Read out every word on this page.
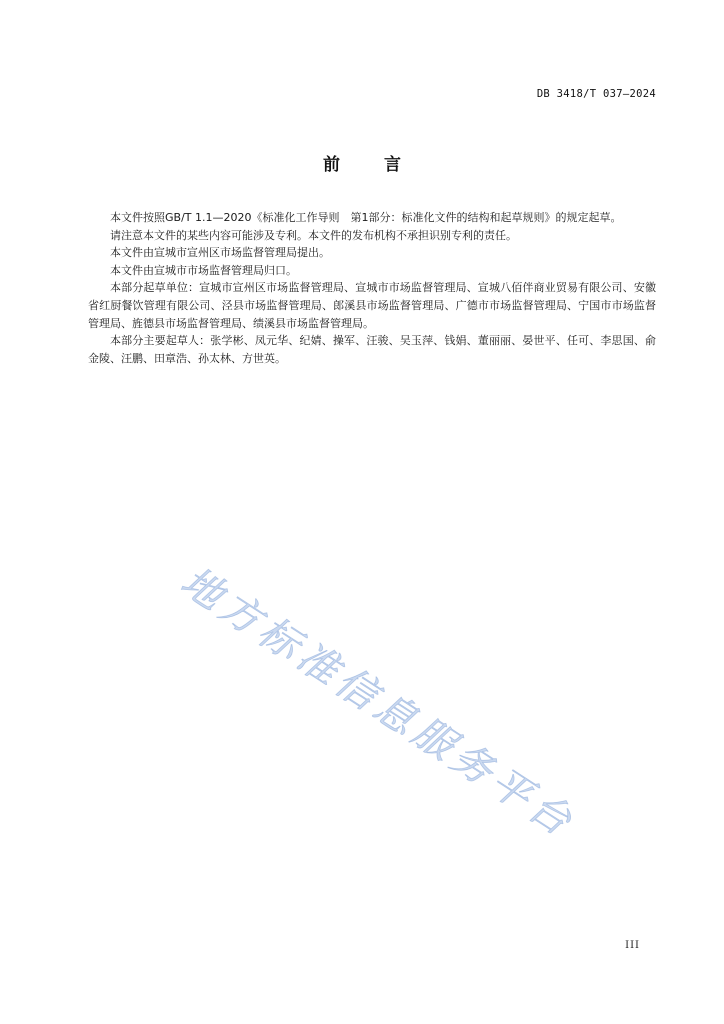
DB 3418/T 037—2024
前言

本文件按照GB/T 1.1—2020《标准化工作导则　第1部分：标准化文件的结构和起草规则》的规定起草。

请注意本文件的某些内容可能涉及专利。本文件的发布机构不承担识别专利的责任。

本文件由宣城市宣州区市场监督管理局提出。

本文件由宣城市市场监督管理局归口。

本部分起草单位：宣城市宣州区市场监督管理局、宣城市市场监督管理局、宣城八佰伴商业贸易有限公司、安徽省红厨餐饮管理有限公司、泾县市场监督管理局、郎溪县市场监督管理局、广德市市场监督管理局、宁国市市场监督管理局、旌德县市场监督管理局、绩溪县市场监督管理局。

本部分主要起草人：张学彬、凤元华、纪婧、操军、汪骏、吴玉萍、钱娟、董丽丽、晏世平、任可、李思国、俞金陵、汪鹏、田章浩、孙太林、方世英。

地方标准信息服务平台
III
